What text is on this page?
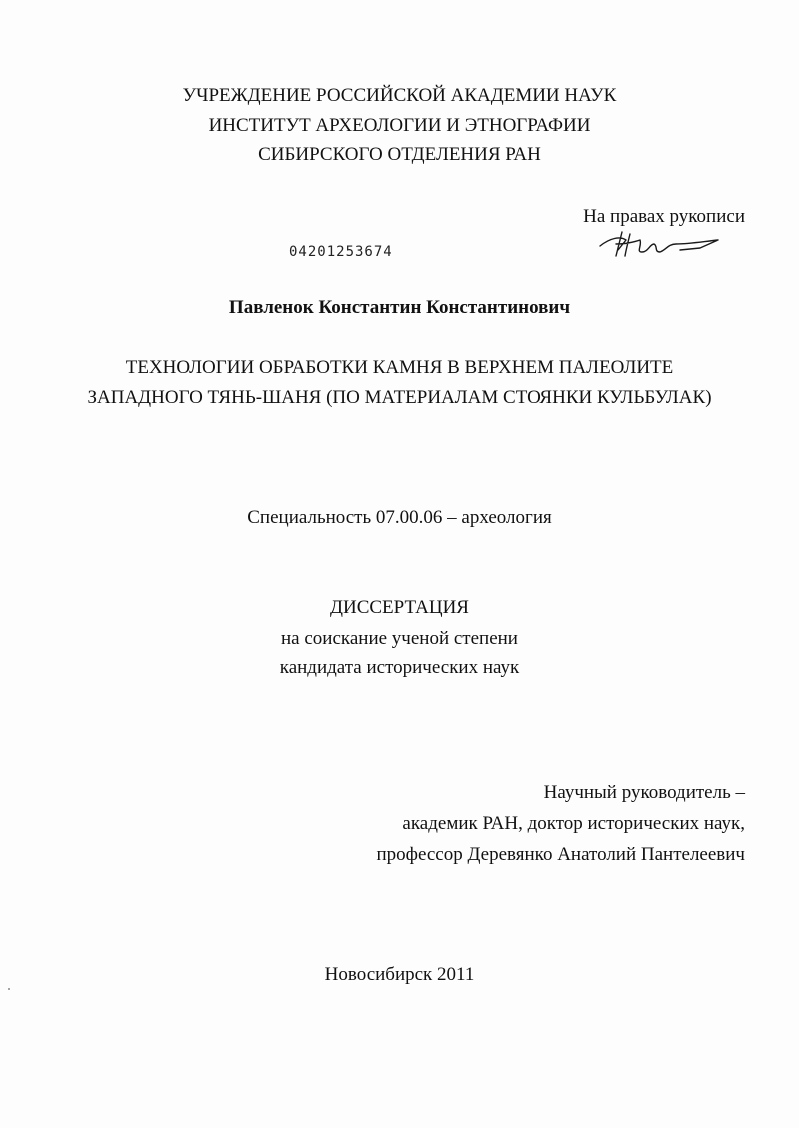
УЧРЕЖДЕНИЕ РОССИЙСКОЙ АКАДЕМИИ НАУК
ИНСТИТУТ АРХЕОЛОГИИ И ЭТНОГРАФИИ
СИБИРСКОГО ОТДЕЛЕНИЯ РАН
На правах рукописи
04201253674
Павленок Константин Константинович
ТЕХНОЛОГИИ ОБРАБОТКИ КАМНЯ В ВЕРХНЕМ ПАЛЕОЛИТЕ
ЗАПАДНОГО ТЯНЬ-ШАНЯ (ПО МАТЕРИАЛАМ СТОЯНКИ КУЛЬБУЛАК)
Специальность 07.00.06 – археология
ДИССЕРТАЦИЯ
на соискание ученой степени
кандидата исторических наук
Научный руководитель –
академик РАН, доктор исторических наук,
профессор Деревянко Анатолий Пантелеевич
Новосибирск 2011
